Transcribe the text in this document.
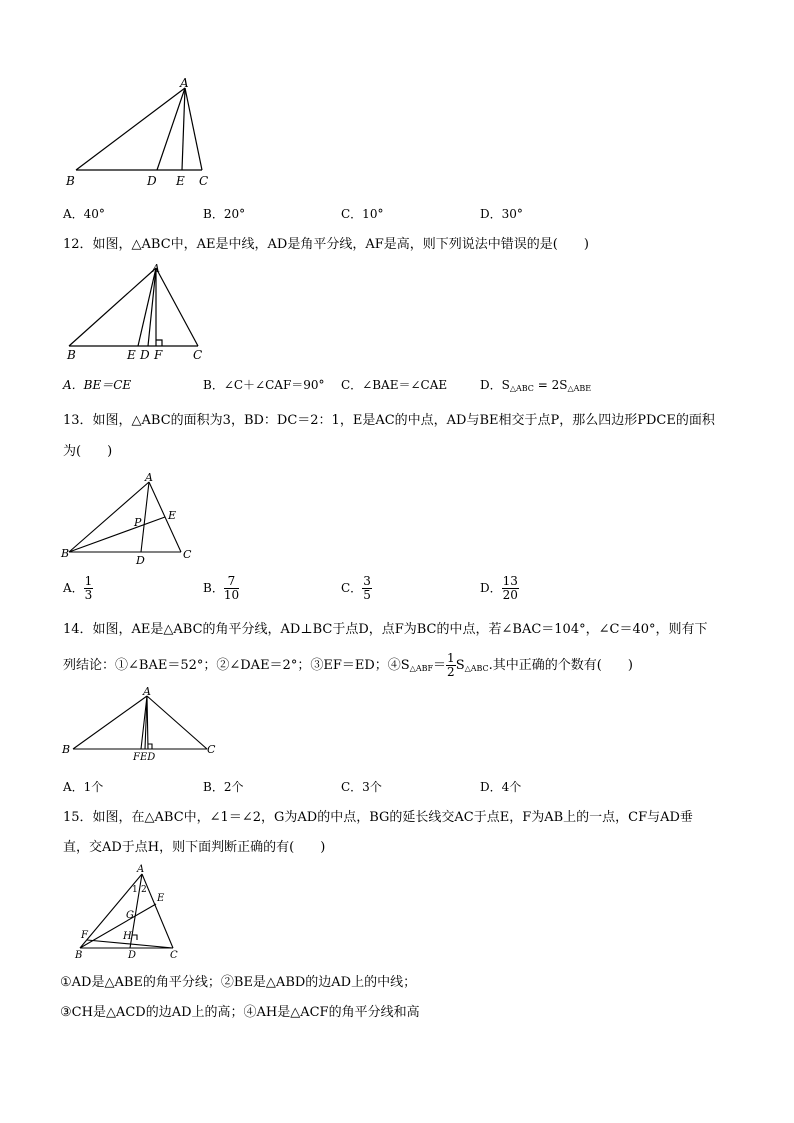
A
B	D E C
A．40°	B．20°	C．10°	D．30°
12．如图，△ABC中，AE是中线，AD是角平分线，AF是高，则下列说法中错误的是(　　)
A
B	E D F	C
A．BE＝CE	B．∠C＋∠CAF＝90° C．∠BAE＝∠CAE	D．$S_{\triangle ABC} = 2S_{\triangle ABE}$
13．如图，△ABC的面积为3，BD：DC＝2：1，E是AC的中点，AD与BE相交于点P，那么四边形PDCE的面积
为(　　)
A
B
D	C
P
E
A． $\frac{1}{3}$	B． $\frac{7}{10}$	C． $\frac{3}{5}$	D． $\frac{13}{20}$
14．如图，AE是△ABC的角平分线，AD⊥BC于点D，点F为BC的中点，若∠BAC＝104°，∠C＝40°，则有下
列结论：①∠BAE＝52°；②∠DAE＝2°；③EF＝ED；$④S_{\triangle ABF}= \frac{1}{2} S_{\triangle ABC}$.其中正确的个数有(　　)
A
B
FED
C
A．1个	B．2个	C．3个	D．4个
15．如图，在△ABC中，∠1＝∠2，G为AD的中点，BG的延长线交AC于点E，F为AB上的一点，CF与AD垂
直，交AD于点H，则下面判断正确的有(　　)
A
1 2
E
G
F	H
B	D	C
①AD是△ABE的角平分线；②BE是△ABD的边AD上的中线；
③CH是△ACD的边AD上的高；④AH是△ACF的角平分线和高
